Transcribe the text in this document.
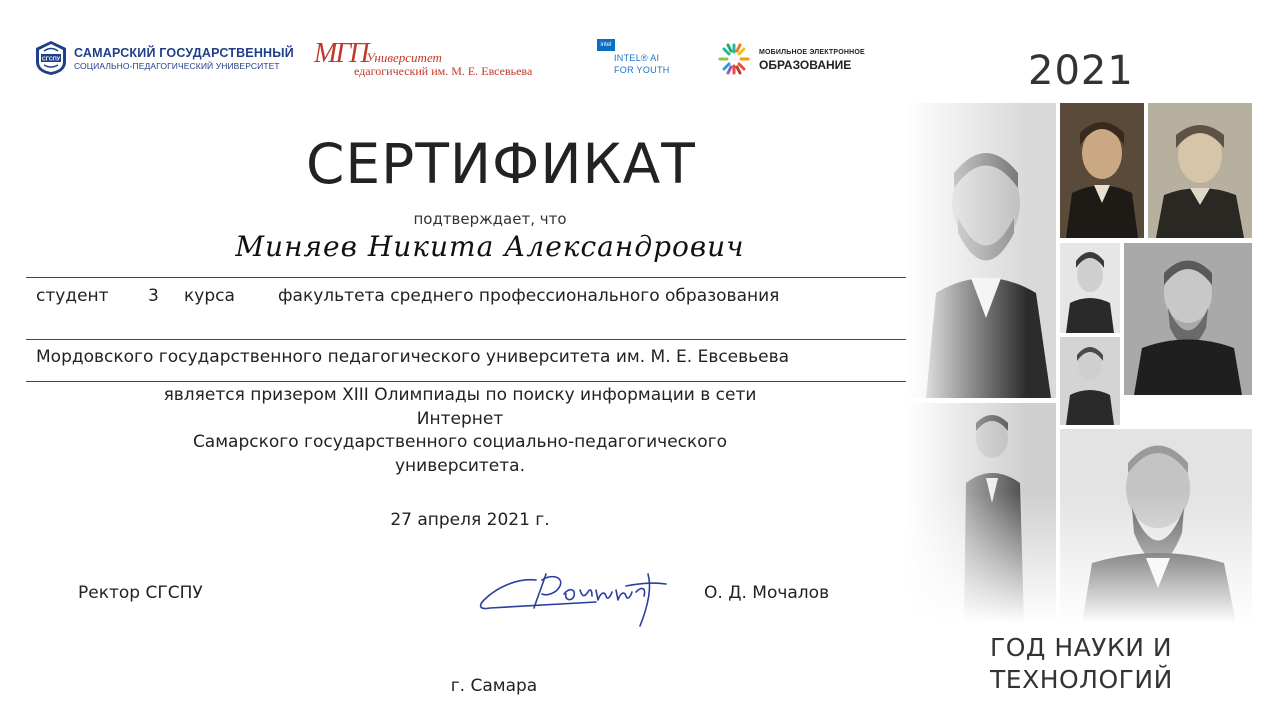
СГСПУ САМАРСКИЙ ГОСУДАРСТВЕННЫЙ
СОЦИАЛЬНО-ПЕДАГОГИЧЕСКИЙ УНИВЕРСИТЕТ	МГП
Университет
едагогический им. М. Е. Евсевьева
intel
INTEL® AI
FOR YOUTH
МОБИЛЬНОЕ ЭЛЕКТРОННОЕ
ОБРАЗОВАНИЕ	2021
СЕРТИФИКАТ
подтверждает, что
Миняев Никита Александрович
студент 3 курса	факультета среднего профессионального образования
Мордовского государственного педагогического университета им. М. Е. Евсевьева
является призером XIII Олимпиады по поиску информации в сети
Интернет
Самарского государственного социально-педагогического
университета.
27 апреля 2021 г.
Ректор СГСПУ	О. Д. Мочалов
г. Самара
ГОД НАУКИ И
ТЕХНОЛОГИЙ
